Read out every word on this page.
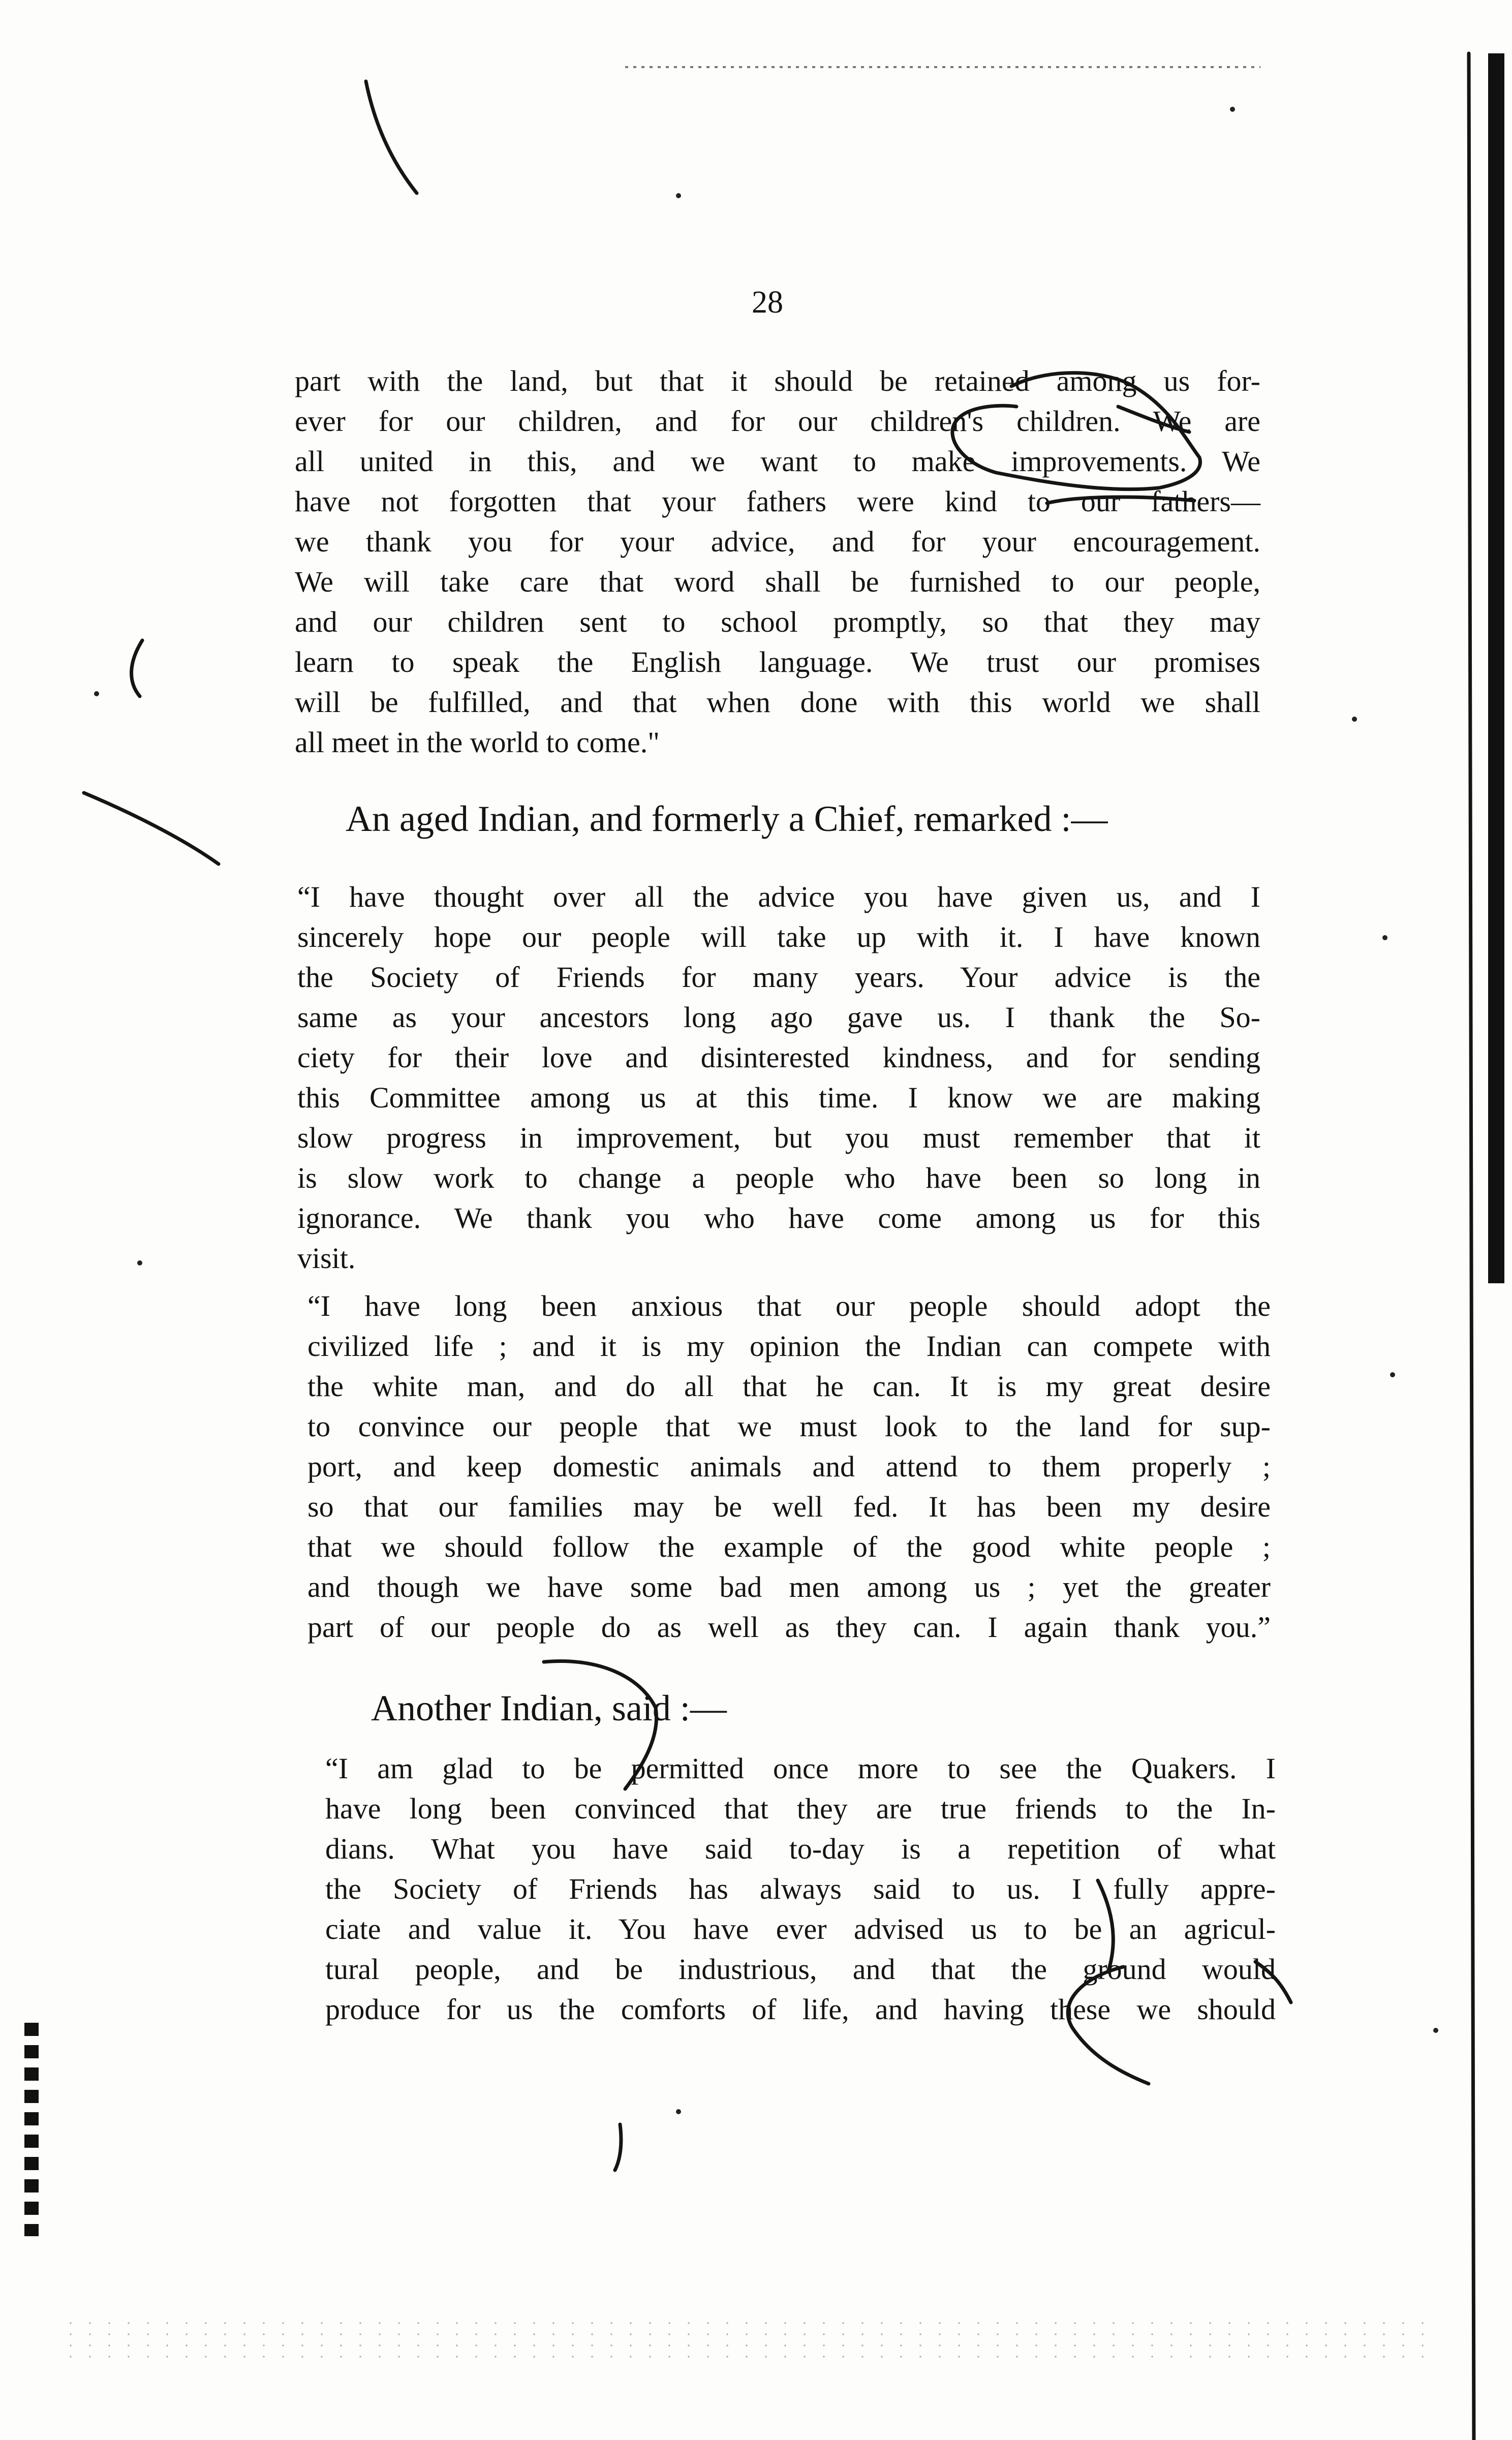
28

part with the land, but that it should be retained among us for-
ever for our children, and for our children's children. We are
all united in this, and we want to make improvements. We
have not forgotten that your fathers were kind to our fathers—
we thank you for your advice, and for your encouragement.
We will take care that word shall be furnished to our people,
and our children sent to school promptly, so that they may
learn to speak the English language. We trust our promises
will be fulfilled, and that when done with this world we shall
all meet in the world to come."
An aged Indian, and formerly a Chief, remarked :—
“I have thought over all the advice you have given us, and I
sincerely hope our people will take up with it. I have known
the Society of Friends for many years. Your advice is the
same as your ancestors long ago gave us. I thank the So-
ciety for their love and disinterested kindness, and for sending
this Committee among us at this time. I know we are making
slow progress in improvement, but you must remember that it
is slow work to change a people who have been so long in
ignorance. We thank you who have come among us for this
visit.
“I have long been anxious that our people should adopt the
civilized life ; and it is my opinion the Indian can compete with
the white man, and do all that he can. It is my great desire
to convince our people that we must look to the land for sup-
port, and keep domestic animals and attend to them properly ;
so that our families may be well fed. It has been my desire
that we should follow the example of the good white people ;
and though we have some bad men among us ; yet the greater
part of our people do as well as they can. I again thank you.”
Another Indian, said :—
“I am glad to be permitted once more to see the Quakers. I
have long been convinced that they are true friends to the In-
dians. What you have said to-day is a repetition of what
the Society of Friends has always said to us. I fully appre-
ciate and value it. You have ever advised us to be an agricul-
tural people, and be industrious, and that the ground would
produce for us the comforts of life, and having these we should
